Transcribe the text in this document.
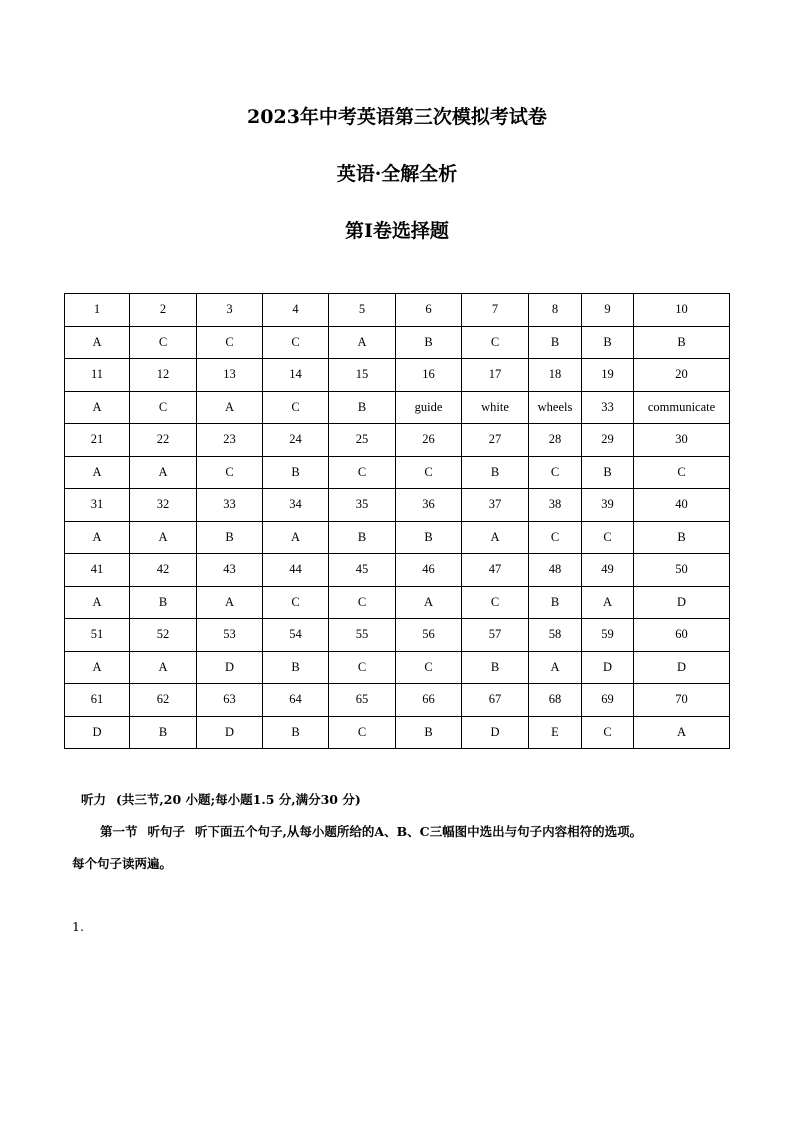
2023年中考英语第三次模拟考试卷
英语·全解全析
第Ⅰ卷选择题
1	2	3	4	5	6	7	8	9	10
A	C	C	C	A	B	C	B	B	B
11	12	13	14	15	16	17	18	19	20
A	C	A	C	B	guide	white	wheels	33	communicate
21	22	23	24	25	26	27	28	29	30
A	A	C	B	C	C	B	C	B	C
31	32	33	34	35	36	37	38	39	40
A	A	B	A	B	B	A	C	C	B
41	42	43	44	45	46	47	48	49	50
A	B	A	C	C	A	C	B	A	D
51	52	53	54	55	56	57	58	59	60
A	A	D	B	C	C	B	A	D	D
61	62	63	64	65	66	67	68	69	70
D	B	D	B	C	B	D	E	C	A

听力 (共三节,20 小题;每小题1.5 分,满分30 分)

第一节 听句子 听下面五个句子,从每小题所给的A、B、C三幅图中选出与句子内容相符的选项。

每个句子读两遍。

1.
